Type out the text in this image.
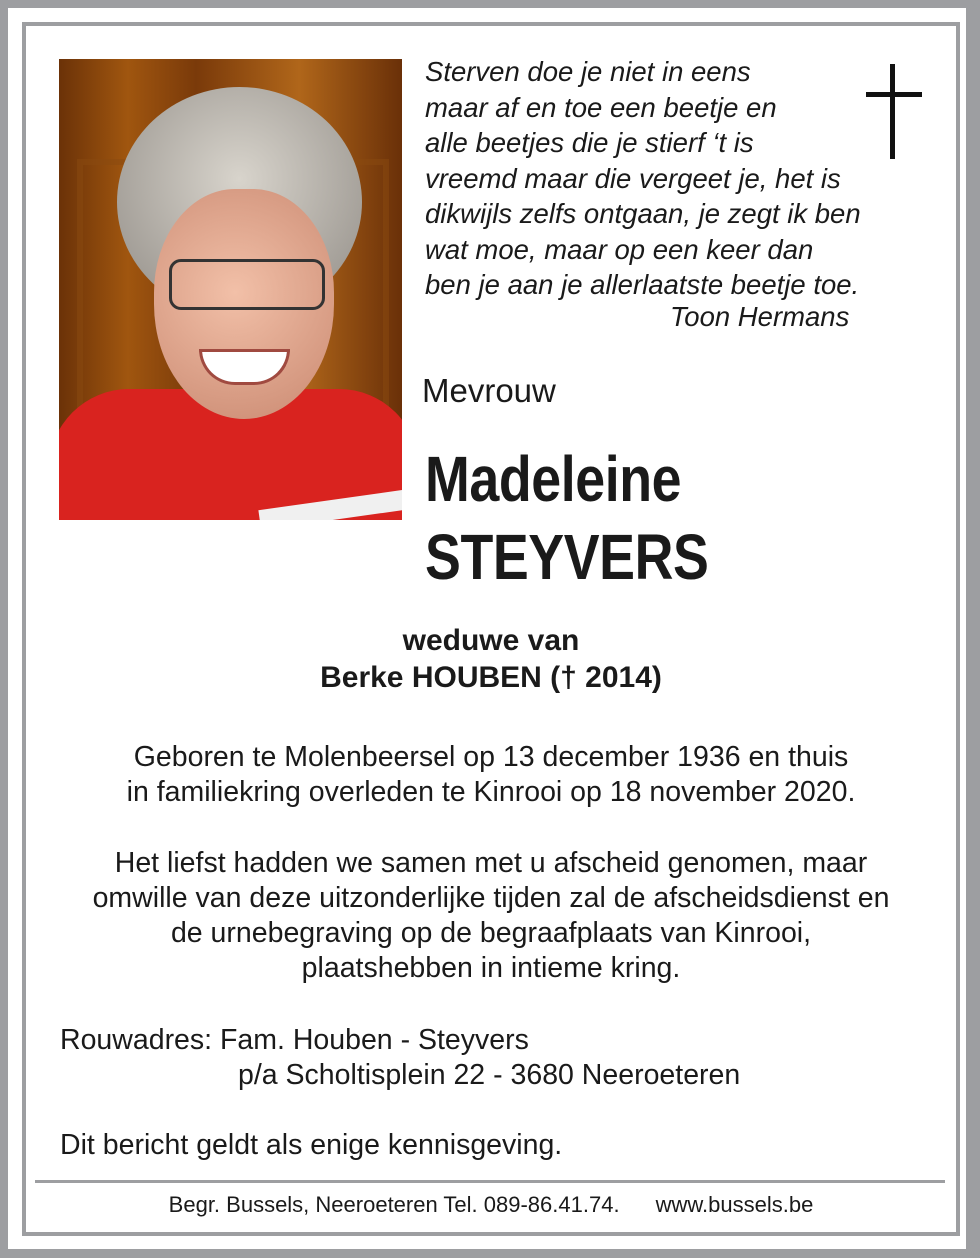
Sterven doe je niet in eens
maar af en toe een beetje en
alle beetjes die je stierf ‘t is
vreemd maar die vergeet je, het is
dikwijls zelfs ontgaan, je zegt ik ben
wat moe, maar op een keer dan
ben je aan je allerlaatste beetje toe.
Toon Hermans
Mevrouw
Madeleine
STEYVERS
weduwe van
Berke HOUBEN († 2014)
Geboren te Molenbeersel op 13 december 1936 en thuis
in familiekring overleden te Kinrooi op 18 november 2020.
Het liefst hadden we samen met u afscheid genomen, maar
omwille van deze uitzonderlijke tijden zal de afscheidsdienst en
de urnebegraving op de begraafplaats van Kinrooi,
plaatshebben in intieme kring.
Rouwadres: Fam. Houben - Steyvers
p/a Scholtisplein 22 - 3680 Neeroeteren
Dit bericht geldt als enige kennisgeving.
Begr. Bussels, Neeroeteren Tel. 089-86.41.74. www.bussels.be
